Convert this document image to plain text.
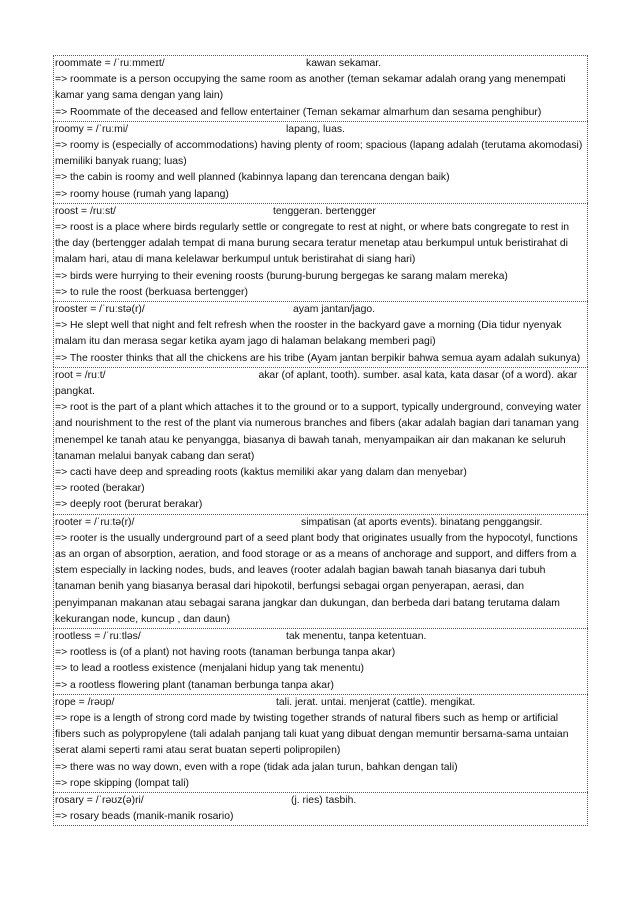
roommate = /ˈruːmmeɪt/	kawan sekamar.
=> roommate is a person occupying the same room as another (teman sekamar adalah orang yang menempati kamar yang sama dengan yang lain)
=> Roommate of the deceased and fellow entertainer (Teman sekamar almarhum dan sesama penghibur)
roomy = /ˈruːmi/	lapang, luas.
=> roomy is (especially of accommodations) having plenty of room; spacious (lapang adalah (terutama akomodasi) memiliki banyak ruang; luas)
=> the cabin is roomy and well planned (kabinnya lapang dan terencana dengan baik)
=> roomy house (rumah yang lapang)
roost = /ruːst/	tenggeran. bertengger
=> roost is a place where birds regularly settle or congregate to rest at night, or where bats congregate to rest in the day (bertengger adalah tempat di mana burung secara teratur menetap atau berkumpul untuk beristirahat di malam hari, atau di mana kelelawar berkumpul untuk beristirahat di siang hari)
=> birds were hurrying to their evening roosts (burung-burung bergegas ke sarang malam mereka)
=> to rule the roost (berkuasa bertengger)
rooster = /ˈruːstə(r)/	ayam jantan/jago.
=> He slept well that night and felt refresh when the rooster in the backyard gave a morning (Dia tidur nyenyak malam itu dan merasa segar ketika ayam jago di halaman belakang memberi pagi)
=> The rooster thinks that all the chickens are his tribe (Ayam jantan berpikir bahwa semua ayam adalah sukunya)
root = /ruːt/	akar (of aplant, tooth). sumber. asal kata, kata dasar (of a word). akar pangkat.
=> root is the part of a plant which attaches it to the ground or to a support, typically underground, conveying water and nourishment to the rest of the plant via numerous branches and fibers (akar adalah bagian dari tanaman yang menempel ke tanah atau ke penyangga, biasanya di bawah tanah, menyampaikan air dan makanan ke seluruh tanaman melalui banyak cabang dan serat)
=> cacti have deep and spreading roots (kaktus memiliki akar yang dalam dan menyebar)
=> rooted (berakar)
=> deeply root (berurat berakar)
rooter = /ˈruːtə(r)/	simpatisan (at aports events). binatang penggangsir.
=> rooter is the usually underground part of a seed plant body that originates usually from the hypocotyl, functions as an organ of absorption, aeration, and food storage or as a means of anchorage and support, and differs from a stem especially in lacking nodes, buds, and leaves (rooter adalah bagian bawah tanah biasanya dari tubuh tanaman benih yang biasanya berasal dari hipokotil, berfungsi sebagai organ penyerapan, aerasi, dan penyimpanan makanan atau sebagai sarana jangkar dan dukungan, dan berbeda dari batang terutama dalam kekurangan node, kuncup , dan daun)
rootless = /ˈruːtləs/	tak menentu, tanpa ketentuan.
=> rootless is (of a plant) not having roots (tanaman berbunga tanpa akar)
=> to lead a rootless existence (menjalani hidup yang tak menentu)
=> a rootless flowering plant (tanaman berbunga tanpa akar)
rope = /rəʊp/	tali. jerat. untai. menjerat (cattle). mengikat.
=> rope is a length of strong cord made by twisting together strands of natural fibers such as hemp or artificial fibers such as polypropylene (tali adalah panjang tali kuat yang dibuat dengan memuntir bersama-sama untaian serat alami seperti rami atau serat buatan seperti polipropilen)
=> there was no way down, even with a rope (tidak ada jalan turun, bahkan dengan tali)
=> rope skipping (lompat tali)
rosary = /ˈrəʊz(ə)ri/	(j. ries) tasbih.
=> rosary beads (manik-manik rosario)
